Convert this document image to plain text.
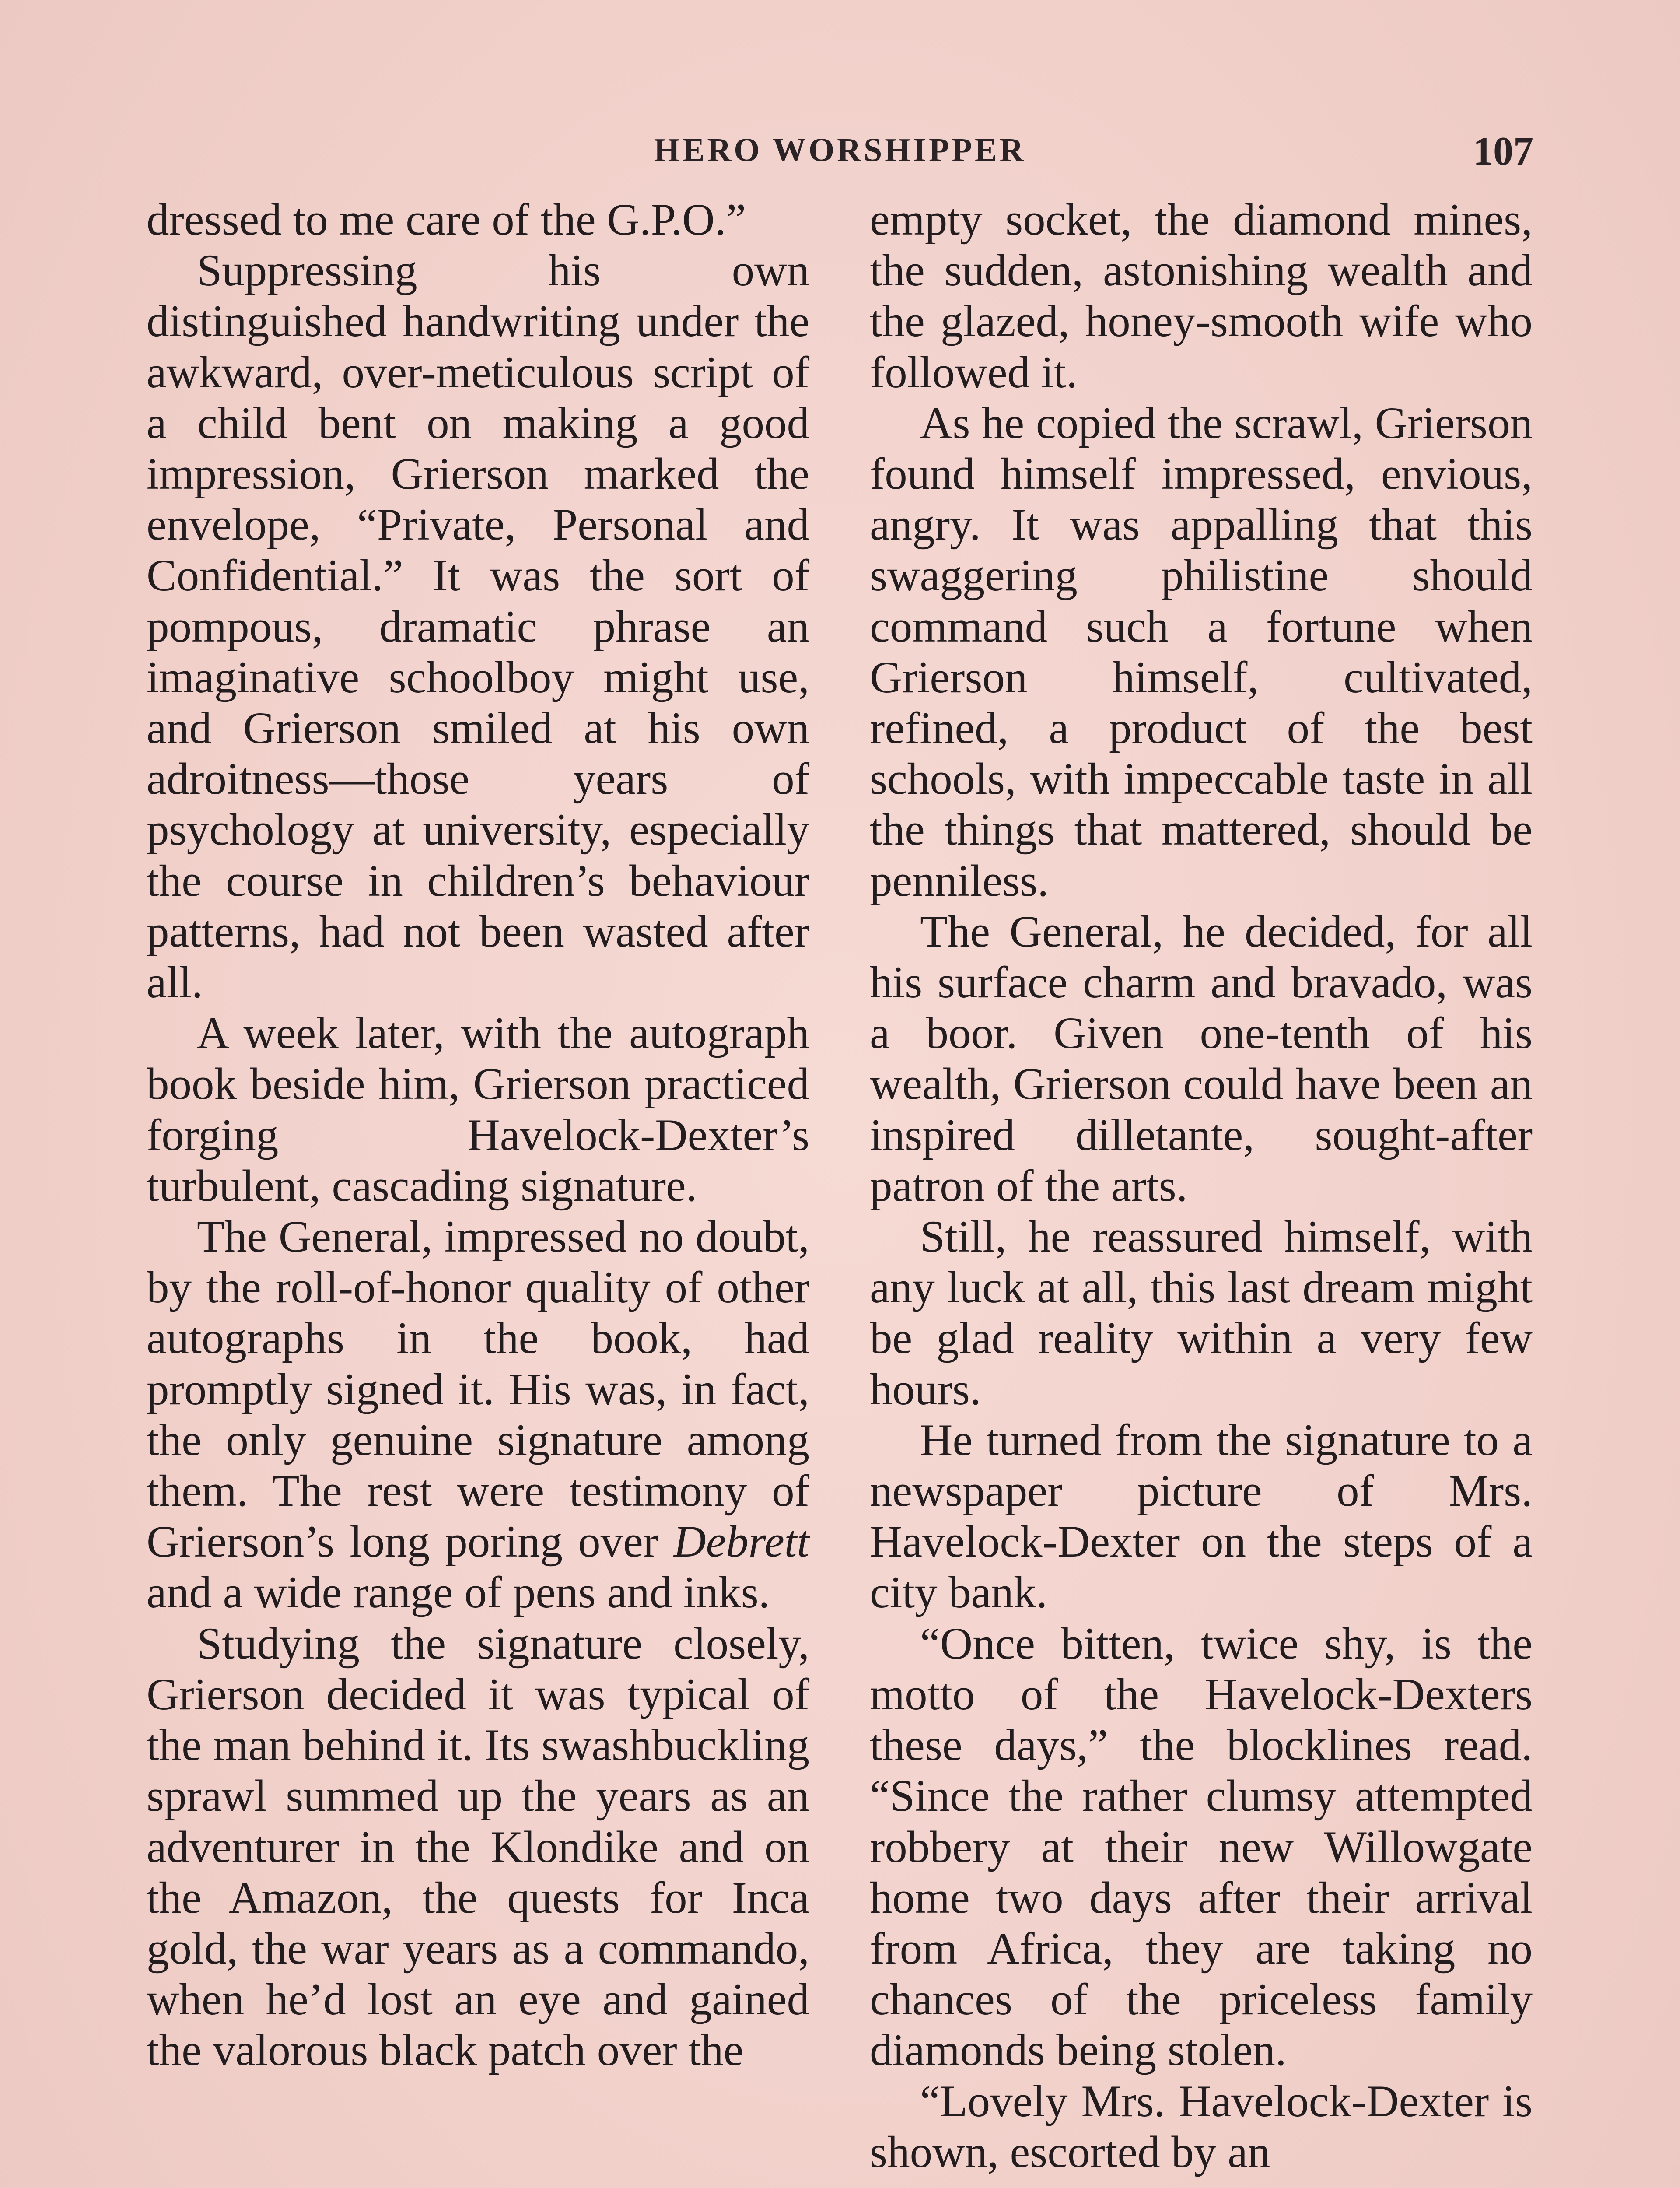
HERO WORSHIPPER	107

dressed to me care of the G.P.O.”

Suppressing his own distinguished handwriting under the awkward, over-meticulous script of a child bent on making a good impression, Grierson marked the envelope, “Private, Personal and Confidential.” It was the sort of pompous, dramatic phrase an imaginative schoolboy might use, and Grierson smiled at his own adroitness—those years of psychology at university, especially the course in children’s behaviour patterns, had not been wasted after all.

A week later, with the autograph book beside him, Grierson practiced forging Havelock-Dexter’s turbulent, cascading signature.

The General, impressed no doubt, by the roll-of-honor quality of other autographs in the book, had promptly signed it. His was, in fact, the only genuine signature among them. The rest were testimony of Grierson’s long poring over Debrett and a wide range of pens and inks.

Studying the signature closely, Grierson decided it was typical of the man behind it. Its swashbuckling sprawl summed up the years as an adventurer in the Klondike and on the Amazon, the quests for Inca gold, the war years as a commando, when he’d lost an eye and gained the valorous black patch over the

empty socket, the diamond mines, the sudden, astonishing wealth and the glazed, honey-smooth wife who followed it.

As he copied the scrawl, Grierson found himself impressed, envious, angry. It was appalling that this swaggering philistine should command such a fortune when Grierson himself, cultivated, refined, a product of the best schools, with impeccable taste in all the things that mattered, should be penniless.

The General, he decided, for all his surface charm and bravado, was a boor. Given one-tenth of his wealth, Grierson could have been an inspired dilletante, sought-after patron of the arts.

Still, he reassured himself, with any luck at all, this last dream might be glad reality within a very few hours.

He turned from the signature to a newspaper picture of Mrs. Havelock-Dexter on the steps of a city bank.

“Once bitten, twice shy, is the motto of the Havelock-Dexters these days,” the blocklines read. “Since the rather clumsy attempted robbery at their new Willowgate home two days after their arrival from Africa, they are taking no chances of the priceless family diamonds being stolen.

“Lovely Mrs. Havelock-Dexter is shown, escorted by an
